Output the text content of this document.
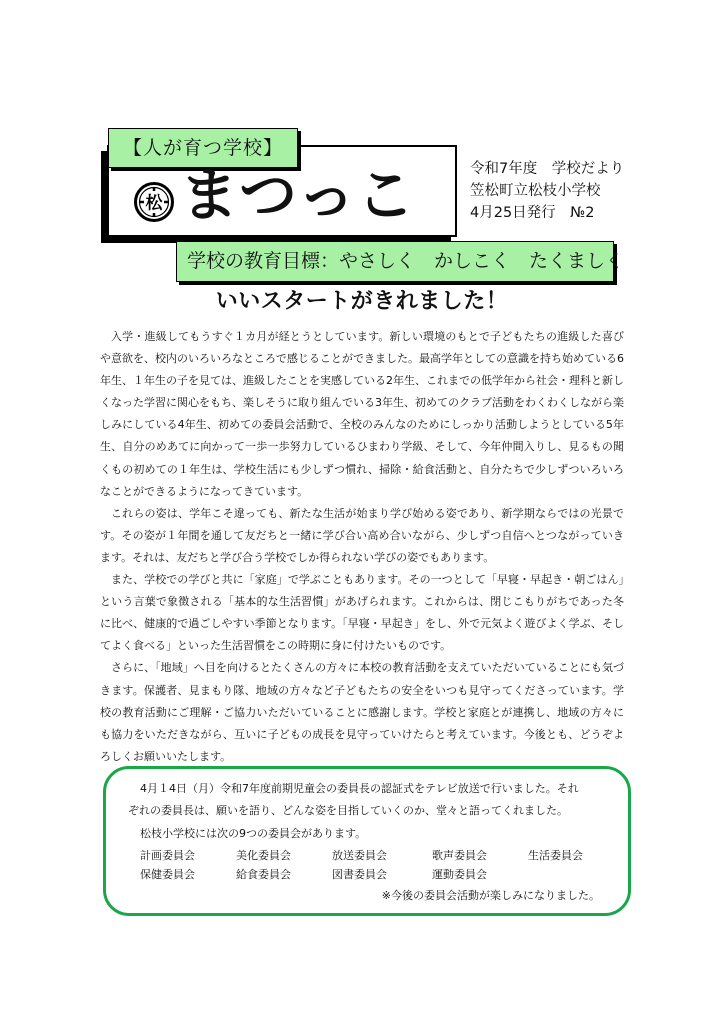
【人が育つ学校】
松 まつっこ	令和7年度　学校だより
笠松町立松枝小学校
4月25日発行　№2
学校の教育目標：やさしく　かしこく　たくましく
いいスタートがきれました！

入学・進級してもうすぐ１カ月が経とうとしています。新しい環境のもとで子どもたちの進級した喜びや意欲を、校内のいろいろなところで感じることができました。最高学年としての意識を持ち始めている6年生、１年生の子を見ては、進級したことを実感している2年生、これまでの低学年から社会・理科と新しくなった学習に関心をもち、楽しそうに取り組んでいる3年生、初めてのクラブ活動をわくわくしながら楽しみにしている4年生、初めての委員会活動で、全校のみんなのためにしっかり活動しようとしている5年生、自分のめあてに向かって一歩一歩努力しているひまわり学級、そして、今年仲間入りし、見るもの聞くもの初めての１年生は、学校生活にも少しずつ慣れ、掃除・給食活動と、自分たちで少しずついろいろなことができるようになってきています。

これらの姿は、学年こそ違っても、新たな生活が始まり学び始める姿であり、新学期ならではの光景です。その姿が１年間を通して友だちと一緒に学び合い高め合いながら、少しずつ自信へとつながっていきます。それは、友だちと学び合う学校でしか得られない学びの姿でもあります。

また、学校での学びと共に「家庭」で学ぶこともあります。その一つとして「早寝・早起き・朝ごはん」という言葉で象徴される「基本的な生活習慣」があげられます。これからは、閉じこもりがちであった冬に比べ、健康的で過ごしやすい季節となります。「早寝・早起き」をし、外で元気よく遊びよく学ぶ、そしてよく食べる」といった生活習慣をこの時期に身に付けたいものです。

さらに、「地域」へ目を向けるとたくさんの方々に本校の教育活動を支えていただいていることにも気づきます。保護者、見まもり隊、地域の方々など子どもたちの安全をいつも見守ってくださっています。学校の教育活動にご理解・ご協力いただいていることに感謝します。学校と家庭とが連携し、地域の方々にも協力をいただきながら、互いに子どもの成長を見守っていけたらと考えています。今後とも、どうぞよろしくお願いいたします。

4月１4日（月）令和7年度前期児童会の委員長の認証式をテレビ放送で行いました。それ
ぞれの委員長は、願いを語り、どんな姿を目指していくのか、堂々と語ってくれました。
松枝小学校には次の9つの委員会があります。
計画委員会	美化委員会	放送委員会	歌声委員会	生活委員会
保健委員会	給食委員会	図書委員会	運動委員会
※今後の委員会活動が楽しみになりました。
